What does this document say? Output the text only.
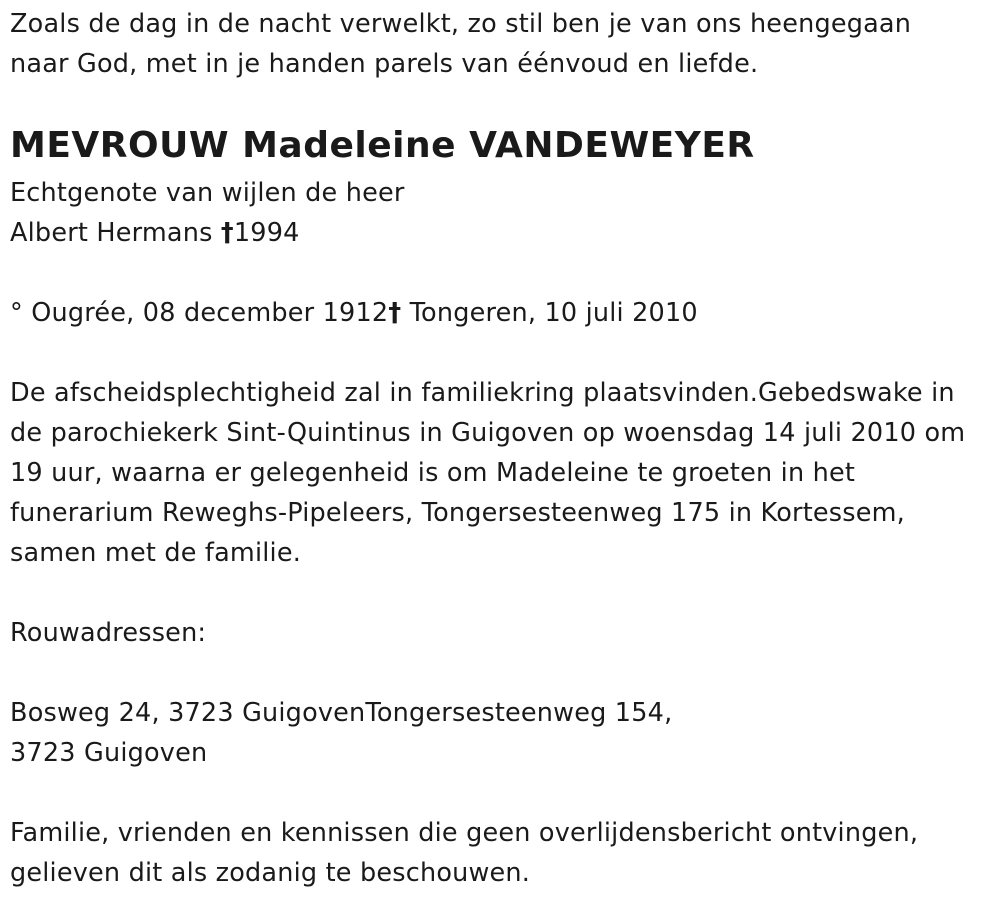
Zoals de dag in de nacht verwelkt, zo stil ben je van ons heengegaan
naar God, met in je handen parels van éénvoud en liefde.
MEVROUW Madeleine VANDEWEYER
Echtgenote van wijlen de heer
Albert Hermans †1994
° Ougrée, 08 december 1912† Tongeren, 10 juli 2010
De afscheidsplechtigheid zal in familiekring plaatsvinden.Gebedswake in
de parochiekerk Sint-Quintinus in Guigoven op woensdag 14 juli 2010 om
19 uur, waarna er gelegenheid is om Madeleine te groeten in het
funerarium Reweghs-Pipeleers, Tongersesteenweg 175 in Kortessem,
samen met de familie.
Rouwadressen:
Bosweg 24, 3723 GuigovenTongersesteenweg 154,
3723 Guigoven
Familie, vrienden en kennissen die geen overlijdensbericht ontvingen,
gelieven dit als zodanig te beschouwen.
